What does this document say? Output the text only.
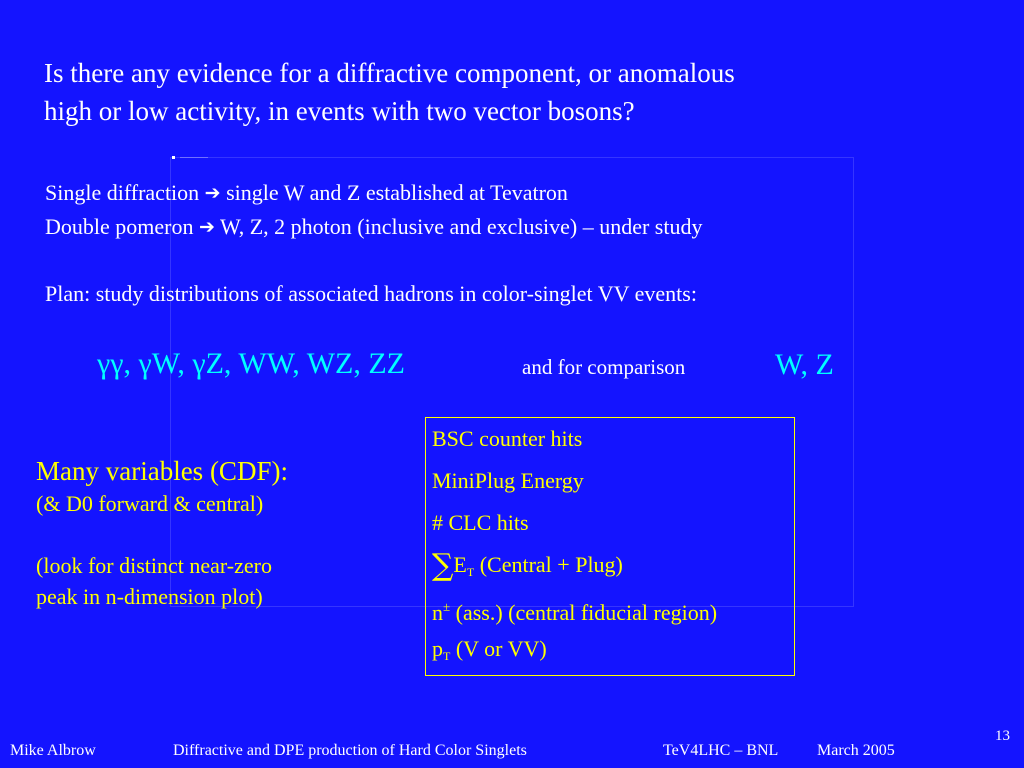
Is there any evidence for a diffractive component, or anomalous
high or low activity, in events with two vector bosons?
Single diffraction ➔ single W and Z established at Tevatron
Double pomeron ➔ W, Z, 2 photon (inclusive and exclusive) – under study
Plan: study distributions of associated hadrons in color-singlet VV events:
γγ, γW, γZ, WW, WZ, ZZ	and for comparison	W, Z
Many variables (CDF):
(& D0 forward & central)
(look for distinct near-zero
peak in n-dimension plot)
BSC counter hits
MiniPlug Energy
# CLC hits
∑ET (Central + Plug)
n± (ass.) (central fiducial region)
pT (V or VV)
13
Mike Albrow	Diffractive and DPE production of Hard Color Singlets	TeV4LHC – BNL March 2005
